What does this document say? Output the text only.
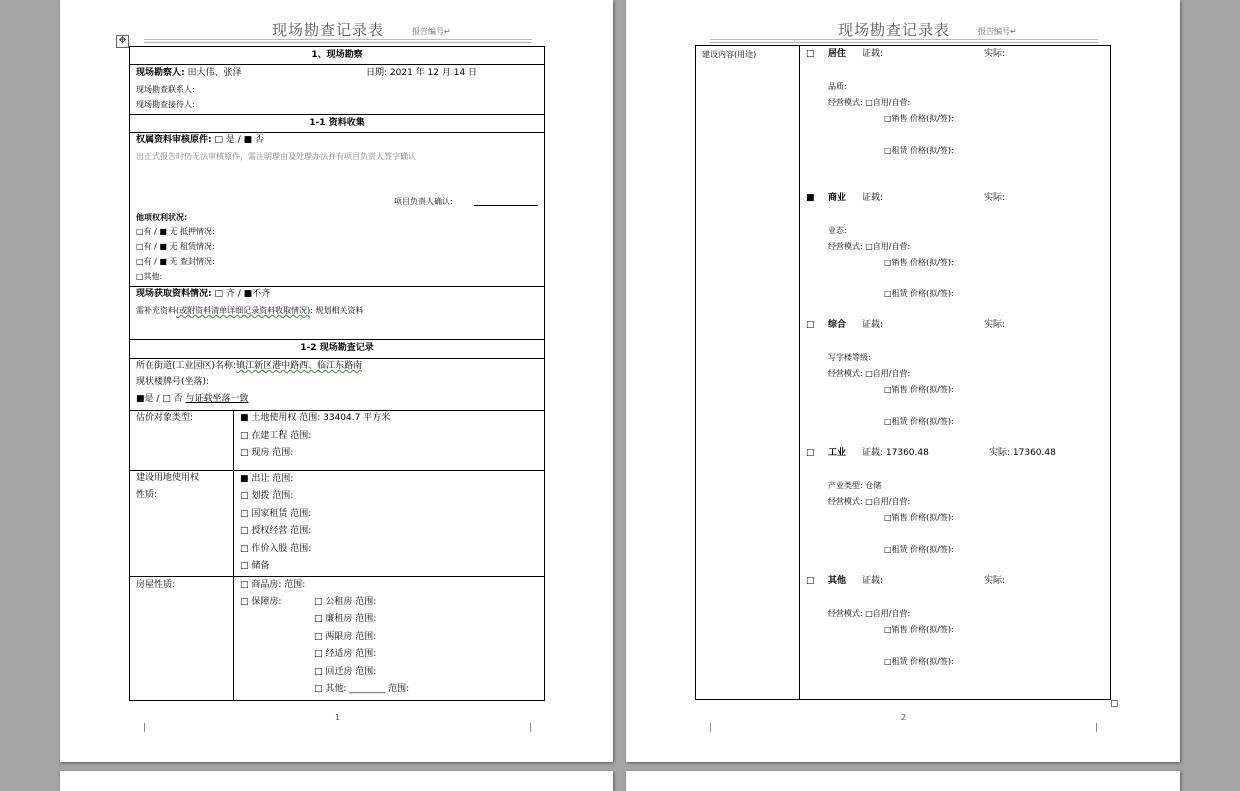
现场勘查记录表	报告编号↵
1、现场勘察
现场勘察人: 田大伟、张泽	日期: 2021 年 12 月 14 日
现场勘查联系人:
现场勘查接待人:
1-1 资料收集
权属资料审核原件: □ 是 / ■ 否
出正式报告时仍无法审核原件，需注明理由及处理办法并有项目负责人签字确认
项目负责人确认:
他项权利状况:
□有 / ■ 无 抵押情况:
□有 / ■ 无 租赁情况:
□有 / ■ 无 查封情况:
□其他:
现场获取资料情况: □ 齐 / ■不齐
需补充资料(或附资料清单详细记录资料收取情况): 规划相关资料
1-2 现场勘查记录
所在街道(工业园区)名称:镇江新区港中路西、临江东路南
现状楼牌号(坐落):
■是 / □ 否 与证载坐落一致
估价对象类型:	■ 土地使用权 范围: 33404.7 平方米
□ 在建工程 范围:
□ 现房 范围:
建设用地使用权
性质:
■ 出让 范围:
□ 划拨 范围:
□ 国家租赁 范围:
□ 授权经营 范围:
□ 作价入股 范围:
□ 储备
房屋性质:	□ 商品房: 范围:
□ 保障房:	□ 公租房 范围:
□ 廉租房 范围:
□ 两限房 范围:
□ 经适房 范围:
□ 回迁房 范围:
□ 其他: ________ 范围:
1
✥
现场勘查记录表	报告编号↵
建设内容(用途)	□ 居住 证载:	实际:
品质:
经营模式: □自用/自营:
□销售 价格(拟/签):
□租赁 价格(拟/签):
■ 商业 证载:	实际:
业态:
经营模式: □自用/自营:
□销售 价格(拟/签):
□租赁 价格(拟/签):
□ 综合 证载:	实际:
写字楼等级:
经营模式: □自用/自营:
□销售 价格(拟/签):
□租赁 价格(拟/签):
□ 工业 证载: 17360.48	实际: 17360.48
产业类型: 仓储
经营模式: □自用/自营:
□销售 价格(拟/签):
□租赁 价格(拟/签):
□ 其他 证载:	实际:
经营模式: □自用/自营:
□销售 价格(拟/签):
□租赁 价格(拟/签):
2
